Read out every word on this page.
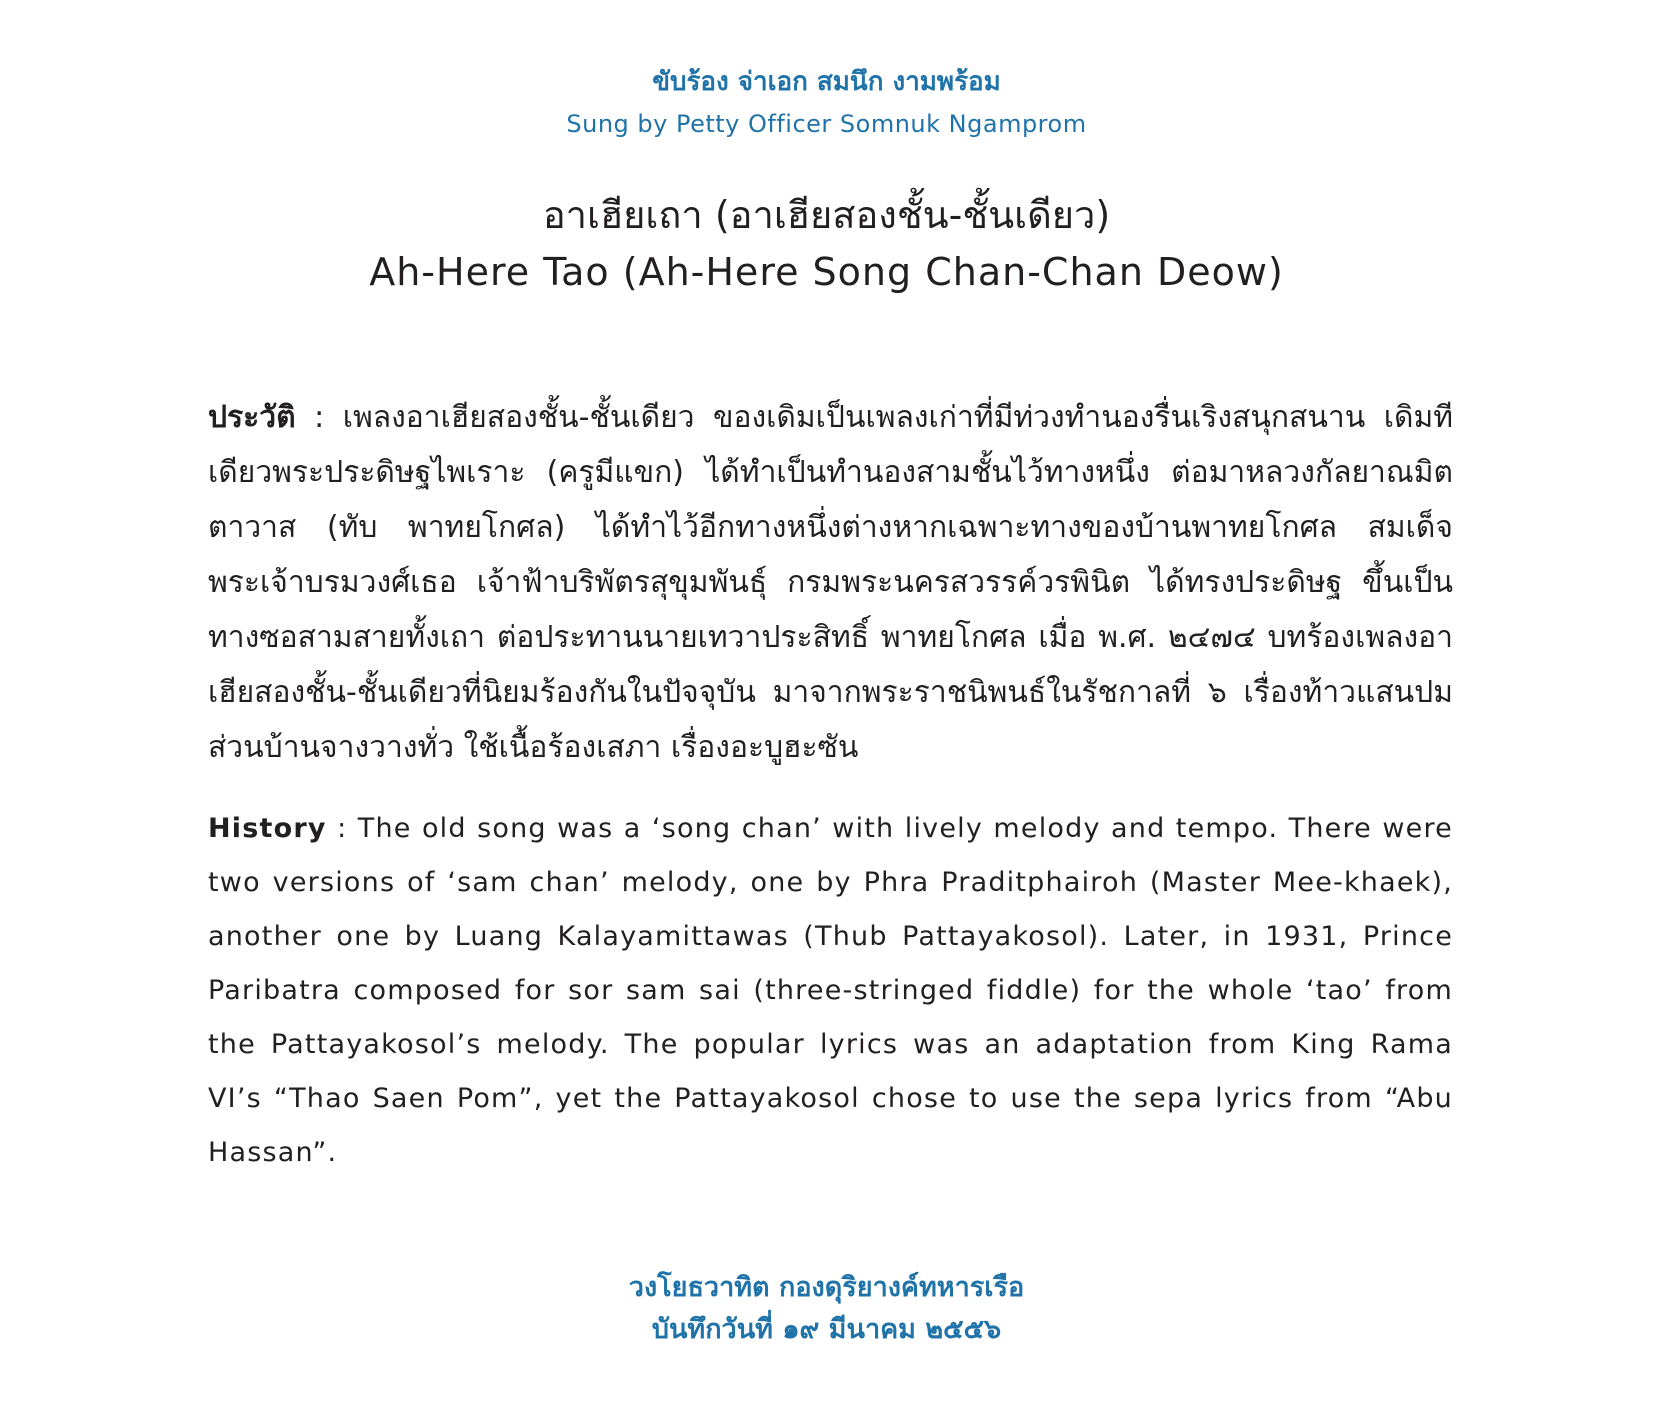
ขับร้อง จ่าเอก สมนึก งามพร้อม
Sung by Petty Officer Somnuk Ngamprom
อาเฮียเถา (อาเฮียสองชั้น-ชั้นเดียว)
Ah-Here Tao (Ah-Here Song Chan-Chan Deow)

ประวัติ : เพลงอาเฮียสองชั้น-ชั้นเดียว ของเดิมเป็นเพลงเก่าที่มีท่วงทำนองรื่นเริงสนุกสนาน เดิมทีเดียวพระประดิษฐไพเราะ (ครูมีแขก) ได้ทำเป็นทำนองสามชั้นไว้ทางหนึ่ง ต่อมาหลวงกัลยาณมิตตาวาส (ทับ พาทยโกศล) ได้ทำไว้อีกทางหนึ่งต่างหากเฉพาะทางของบ้านพาทยโกศล สมเด็จพระเจ้าบรมวงศ์เธอ เจ้าฟ้าบริพัตรสุขุมพันธุ์ กรมพระนครสวรรค์วรพินิต ได้ทรงประดิษฐ ขึ้นเป็นทางซอสามสายทั้งเถา ต่อประทานนายเทวาประสิทธิ์ พาทยโกศล เมื่อ พ.ศ. ๒๔๗๔ บทร้องเพลงอาเฮียสองชั้น-ชั้นเดียวที่นิยมร้องกันในปัจจุบัน มาจากพระราชนิพนธ์ในรัชกาลที่ ๖ เรื่องท้าวแสนปม ส่วนบ้านจางวางทั่ว ใช้เนื้อร้องเสภา เรื่องอะบูฮะซัน

History : The old song was a ‘song chan’ with lively melody and tempo. There were two versions of ‘sam chan’ melody, one by Phra Praditphairoh (Master Mee-khaek), another one by Luang Kalayamittawas (Thub Pattayakosol). Later, in 1931, Prince Paribatra composed for sor sam sai (three-stringed fiddle) for the whole ‘tao’ from the Pattayakosol’s melody. The popular lyrics was an adaptation from King Rama VI’s “Thao Saen Pom”, yet the Pattayakosol chose to use the sepa lyrics from “Abu Hassan”.

วงโยธวาทิต กองดุริยางค์ทหารเรือ
บันทึกวันที่ ๑๙ มีนาคม ๒๕๕๖
